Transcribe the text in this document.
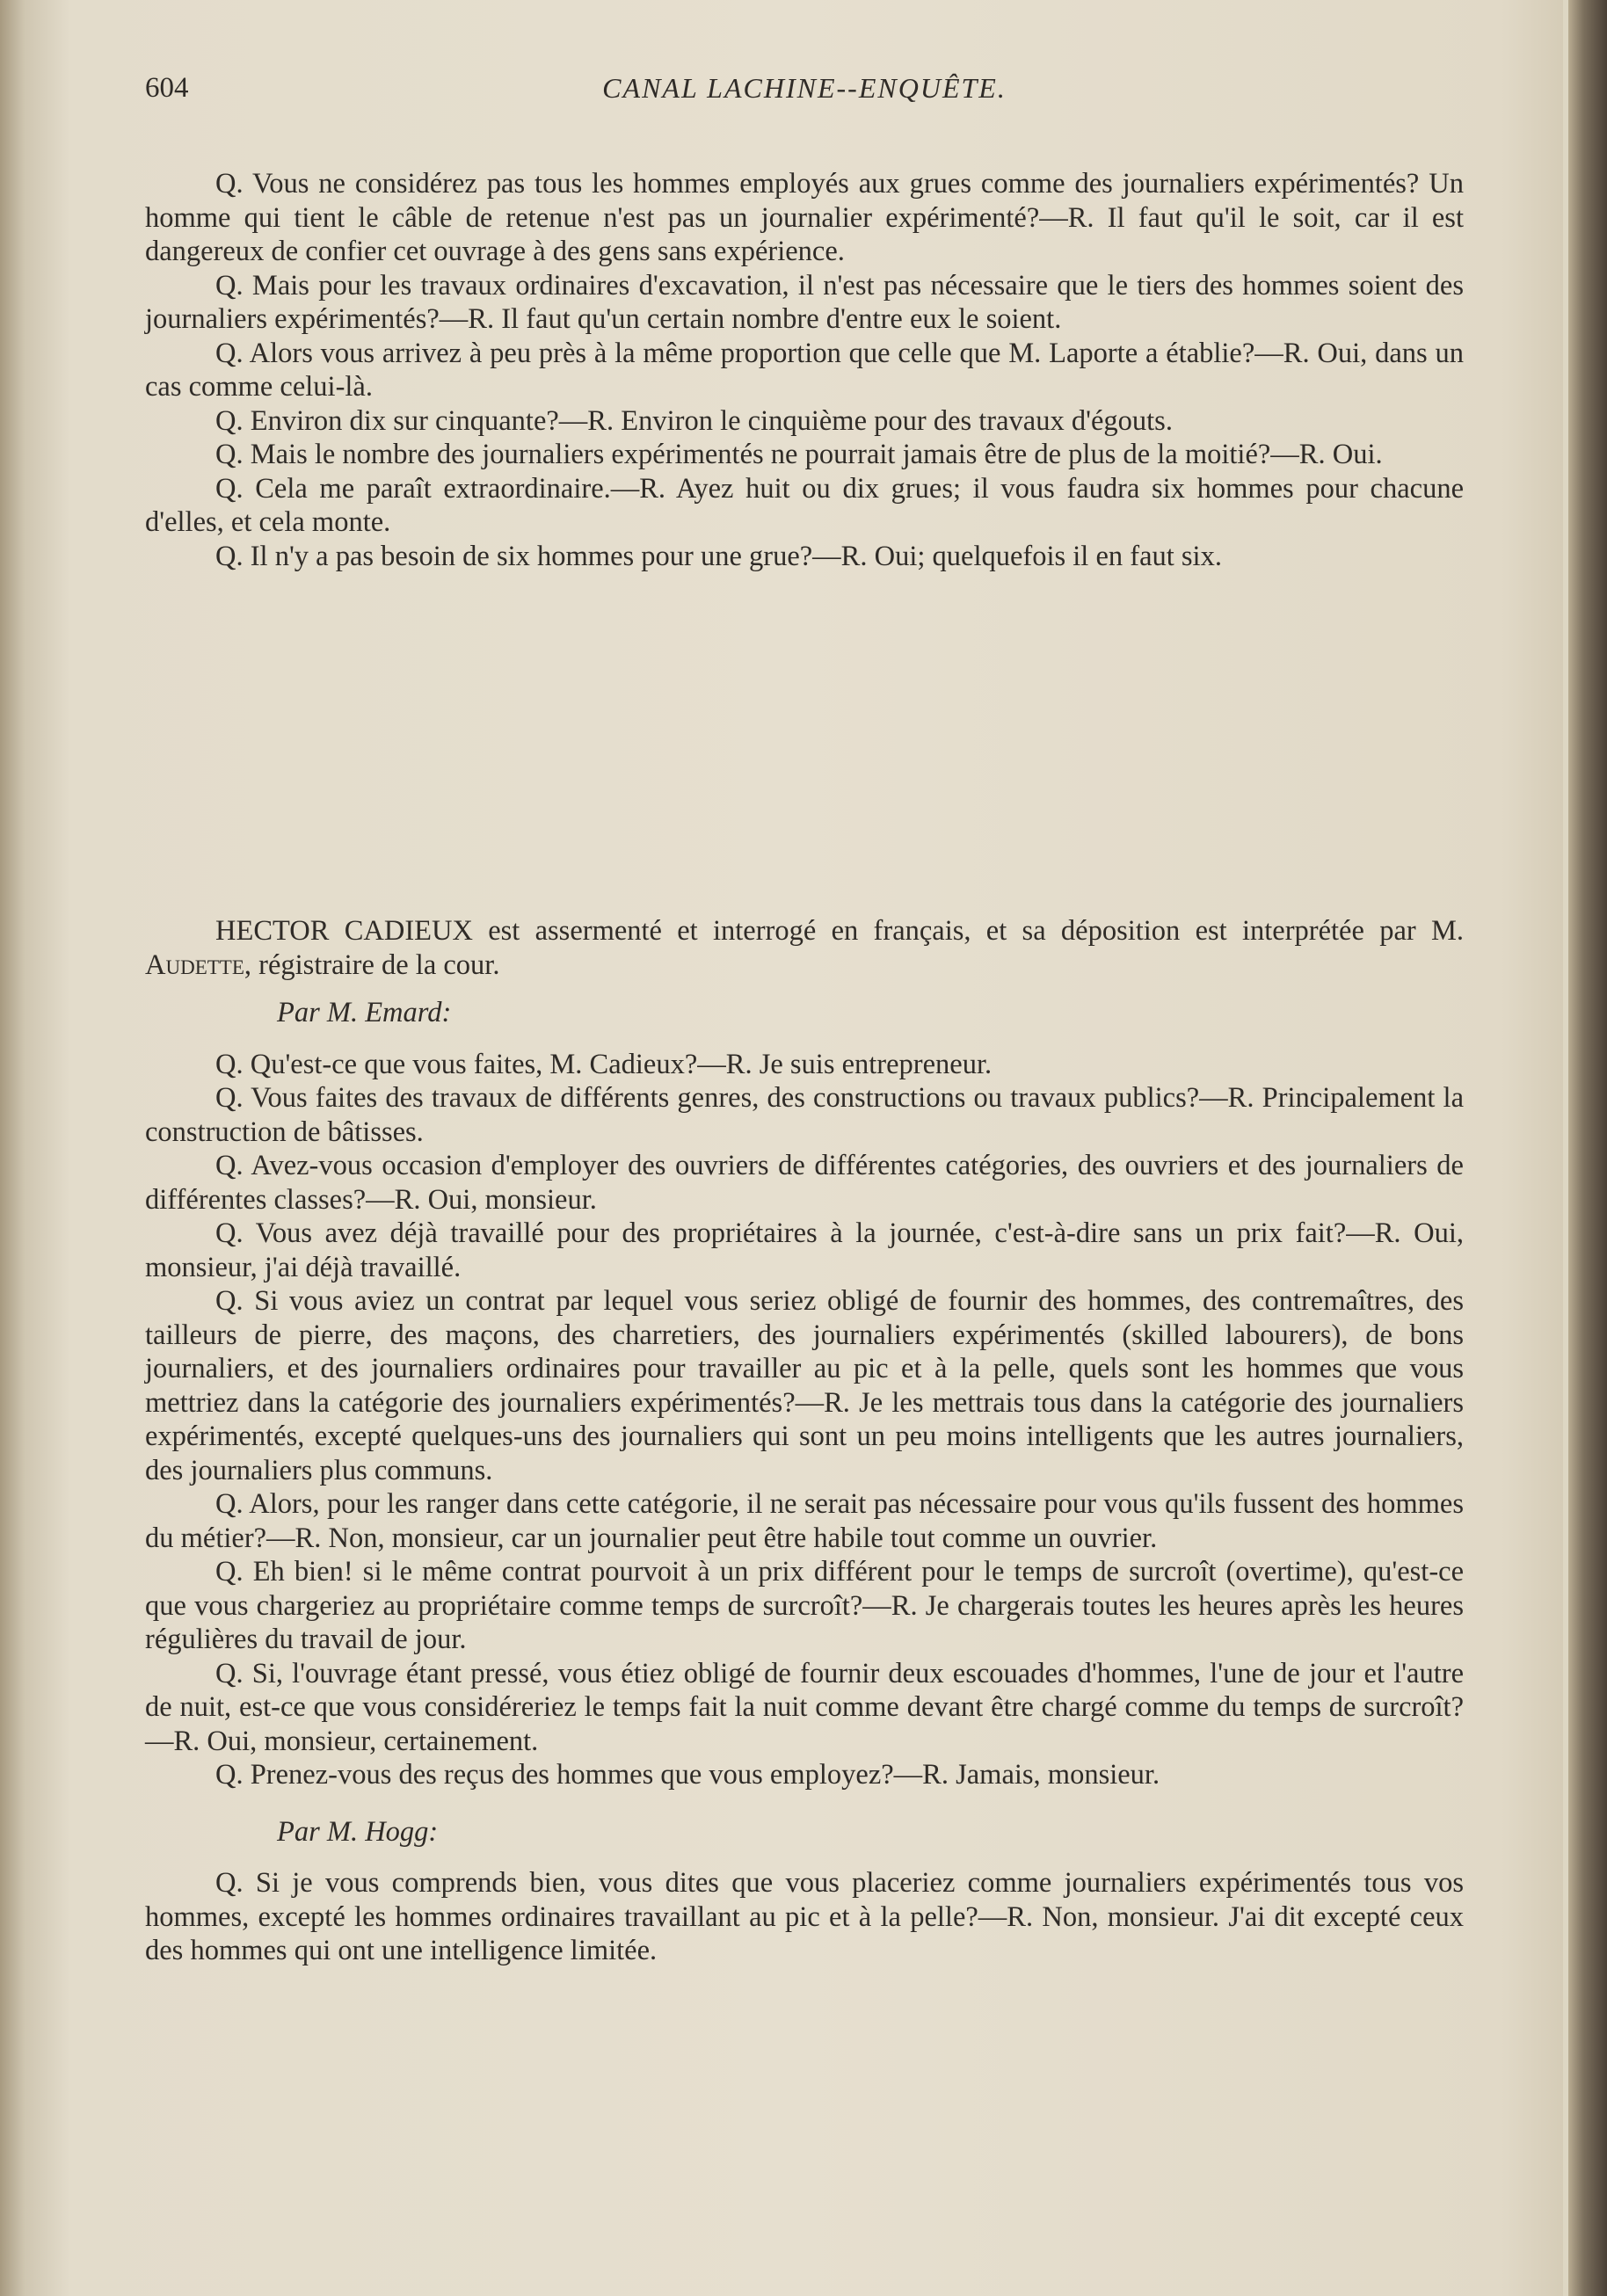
604	CANAL LACHINE--ENQUÊTE.

Q. Vous ne considérez pas tous les hommes employés aux grues comme des journaliers expérimentés? Un homme qui tient le câble de retenue n'est pas un journalier expérimenté?—R. Il faut qu'il le soit, car il est dangereux de confier cet ouvrage à des gens sans expérience.

Q. Mais pour les travaux ordinaires d'excavation, il n'est pas nécessaire que le tiers des hommes soient des journaliers expérimentés?—R. Il faut qu'un certain nombre d'entre eux le soient.

Q. Alors vous arrivez à peu près à la même proportion que celle que M. Laporte a établie?—R. Oui, dans un cas comme celui-là.

Q. Environ dix sur cinquante?—R. Environ le cinquième pour des travaux d'égouts.

Q. Mais le nombre des journaliers expérimentés ne pourrait jamais être de plus de la moitié?—R. Oui.

Q. Cela me paraît extraordinaire.—R. Ayez huit ou dix grues; il vous faudra six hommes pour chacune d'elles, et cela monte.

Q. Il n'y a pas besoin de six hommes pour une grue?—R. Oui; quelquefois il en faut six.

HECTOR CADIEUX est assermenté et interrogé en français, et sa déposition est interprétée par M. Audette, régistraire de la cour.

Par M. Emard:

Q. Qu'est-ce que vous faites, M. Cadieux?—R. Je suis entrepreneur.

Q. Vous faites des travaux de différents genres, des constructions ou travaux publics?—R. Principalement la construction de bâtisses.

Q. Avez-vous occasion d'employer des ouvriers de différentes catégories, des ouvriers et des journaliers de différentes classes?—R. Oui, monsieur.

Q. Vous avez déjà travaillé pour des propriétaires à la journée, c'est-à-dire sans un prix fait?—R. Oui, monsieur, j'ai déjà travaillé.

Q. Si vous aviez un contrat par lequel vous seriez obligé de fournir des hommes, des contremaîtres, des tailleurs de pierre, des maçons, des charretiers, des journaliers expérimentés (skilled labourers), de bons journaliers, et des journaliers ordinaires pour travailler au pic et à la pelle, quels sont les hommes que vous mettriez dans la catégorie des journaliers expérimentés?—R. Je les mettrais tous dans la catégorie des journaliers expérimentés, excepté quelques-uns des journaliers qui sont un peu moins intelligents que les autres journaliers, des journaliers plus communs.

Q. Alors, pour les ranger dans cette catégorie, il ne serait pas nécessaire pour vous qu'ils fussent des hommes du métier?—R. Non, monsieur, car un journalier peut être habile tout comme un ouvrier.

Q. Eh bien! si le même contrat pourvoit à un prix différent pour le temps de surcroît (overtime), qu'est-ce que vous chargeriez au propriétaire comme temps de surcroît?—R. Je chargerais toutes les heures après les heures régulières du travail de jour.

Q. Si, l'ouvrage étant pressé, vous étiez obligé de fournir deux escouades d'hommes, l'une de jour et l'autre de nuit, est-ce que vous considéreriez le temps fait la nuit comme devant être chargé comme du temps de surcroît?—R. Oui, monsieur, certainement.

Q. Prenez-vous des reçus des hommes que vous employez?—R. Jamais, monsieur.

Par M. Hogg:

Q. Si je vous comprends bien, vous dites que vous placeriez comme journaliers expérimentés tous vos hommes, excepté les hommes ordinaires travaillant au pic et à la pelle?—R. Non, monsieur. J'ai dit excepté ceux des hommes qui ont une intelligence limitée.
